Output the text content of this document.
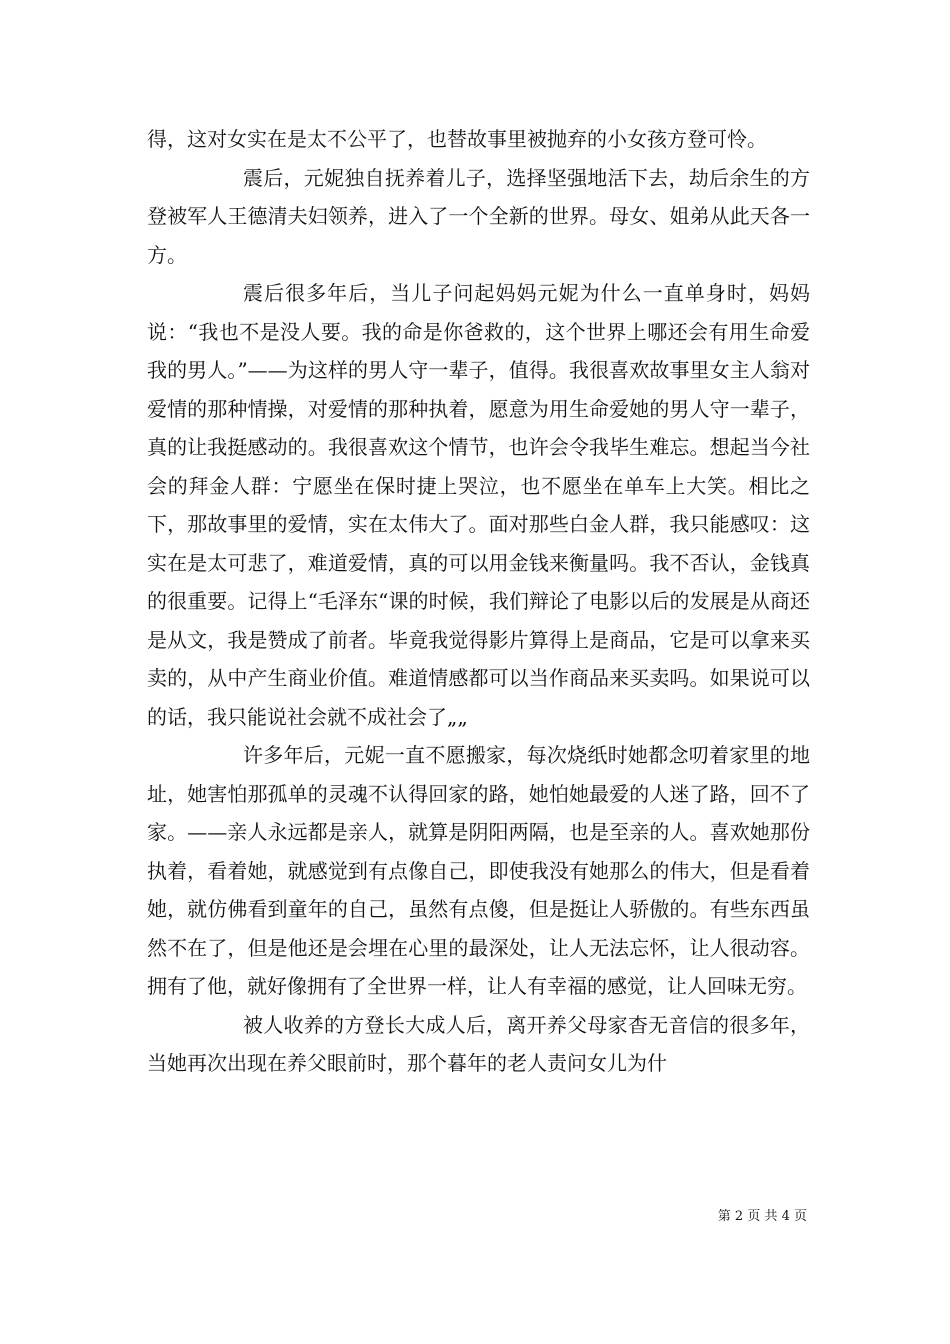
得，这对女实在是太不公平了，也替故事里被抛弃的小女孩方登可怜。

震后，元妮独自抚养着儿子，选择坚强地活下去，劫后余生的方登被军人王德清夫妇领养，进入了一个全新的世界。母女、姐弟从此天各一方。

震后很多年后，当儿子问起妈妈元妮为什么一直单身时，妈妈说：“我也不是没人要。我的命是你爸救的，这个世界上哪还会有用生命爱我的男人。”——为这样的男人守一辈子，值得。我很喜欢故事里女主人翁对爱情的那种情操，对爱情的那种执着，愿意为用生命爱她的男人守一辈子，真的让我挺感动的。我很喜欢这个情节，也许会令我毕生难忘。想起当今社会的拜金人群：宁愿坐在保时捷上哭泣，也不愿坐在单车上大笑。相比之下，那故事里的爱情，实在太伟大了。面对那些白金人群，我只能感叹：这实在是太可悲了，难道爱情，真的可以用金钱来衡量吗。我不否认，金钱真的很重要。记得上“毛泽东“课的时候，我们辩论了电影以后的发展是从商还是从文，我是赞成了前者。毕竟我觉得影片算得上是商品，它是可以拿来买卖的，从中产生商业价值。难道情感都可以当作商品来买卖吗。如果说可以的话，我只能说社会就不成社会了„„

许多年后，元妮一直不愿搬家，每次烧纸时她都念叨着家里的地址，她害怕那孤单的灵魂不认得回家的路，她怕她最爱的人迷了路，回不了家。——亲人永远都是亲人，就算是阴阳两隔，也是至亲的人。喜欢她那份执着，看着她，就感觉到有点像自己，即使我没有她那么的伟大，但是看着她，就仿佛看到童年的自己，虽然有点傻，但是挺让人骄傲的。有些东西虽然不在了，但是他还是会埋在心里的最深处，让人无法忘怀，让人很动容。拥有了他，就好像拥有了全世界一样，让人有幸福的感觉，让人回味无穷。

被人收养的方登长大成人后，离开养父母家杳无音信的很多年，当她再次出现在养父眼前时，那个暮年的老人责问女儿为什

第 2 页 共 4 页
